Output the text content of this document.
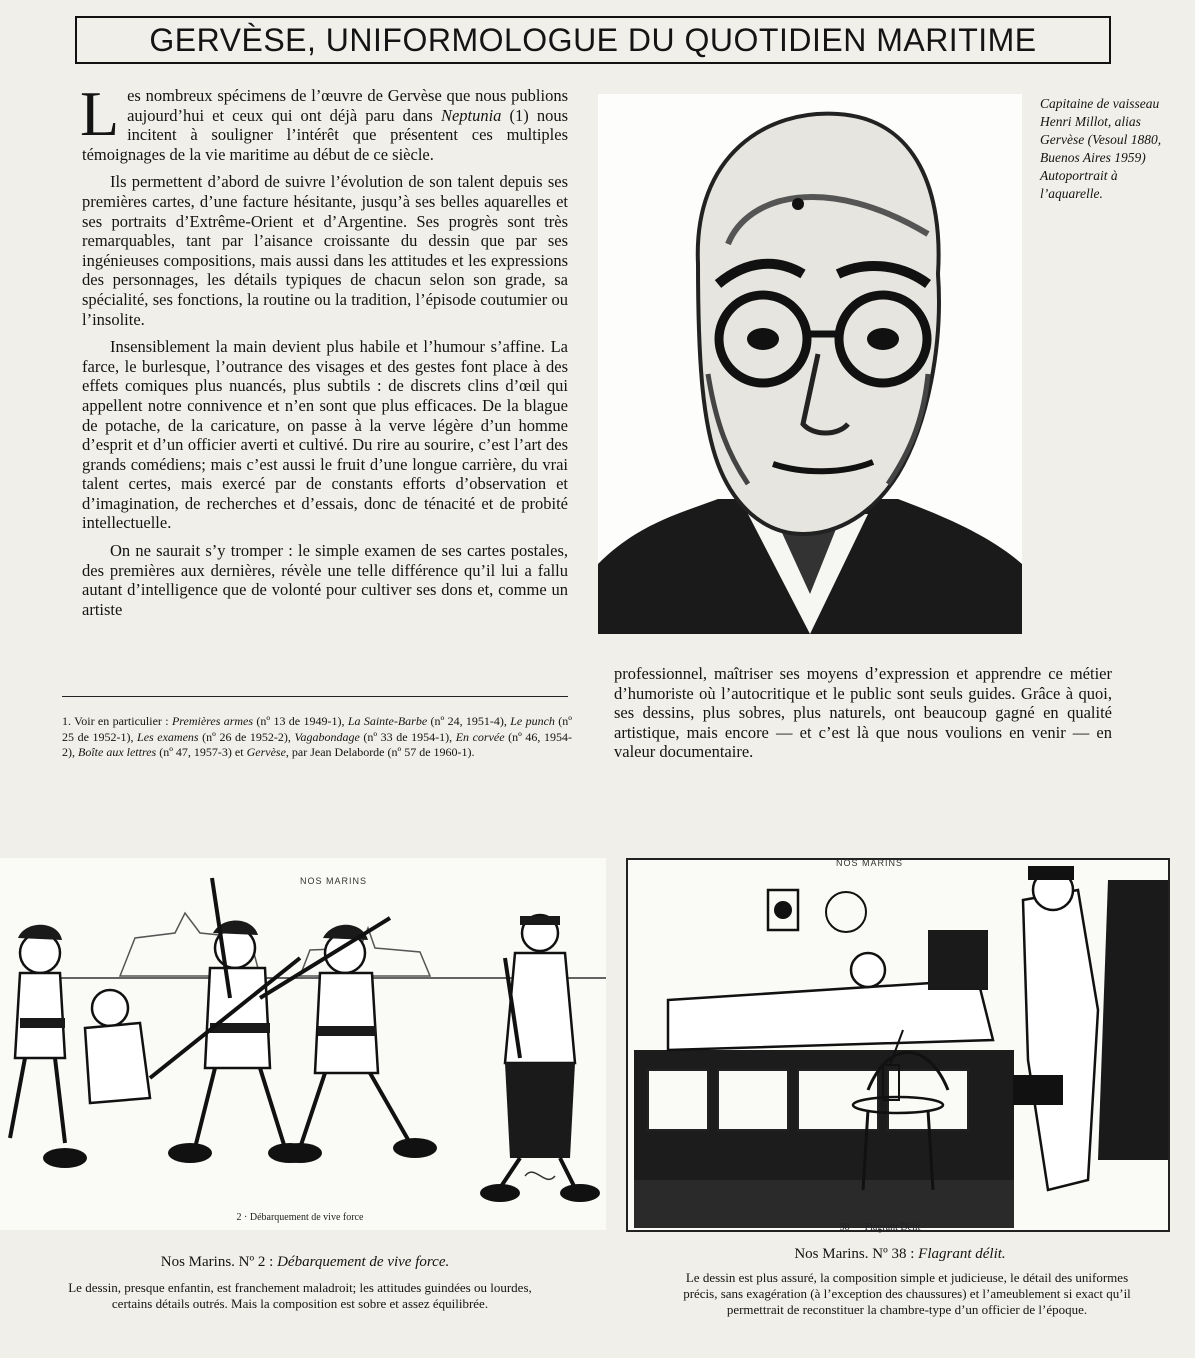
GERVÈSE, UNIFORMOLOGUE DU QUOTIDIEN MARITIME

Les nombreux spécimens de l’œuvre de Gervèse que nous publions aujourd’hui et ceux qui ont déjà paru dans Neptunia (1) nous incitent à souligner l’intérêt que présentent ces multiples témoignages de la vie maritime au début de ce siècle.

Ils permettent d’abord de suivre l’évolution de son talent depuis ses premières cartes, d’une facture hésitante, jusqu’à ses belles aquarelles et ses portraits d’Extrême-Orient et d’Argentine. Ses progrès sont très remarquables, tant par l’aisance croissante du dessin que par ses ingénieuses compositions, mais aussi dans les attitudes et les expressions des personnages, les détails typiques de chacun selon son grade, sa spécialité, ses fonctions, la routine ou la tradition, l’épisode coutumier ou l’insolite.

Insensiblement la main devient plus habile et l’humour s’affine. La farce, le burlesque, l’outrance des visages et des gestes font place à des effets comiques plus nuancés, plus subtils : de discrets clins d’œil qui appellent notre connivence et n’en sont que plus efficaces. De la blague de potache, de la caricature, on passe à la verve légère d’un homme d’esprit et d’un officier averti et cultivé. Du rire au sourire, c’est l’art des grands comédiens; mais c’est aussi le fruit d’une longue carrière, du vrai talent certes, mais exercé par de constants efforts d’observation et d’imagination, de recherches et d’essais, donc de ténacité et de probité intellectuelle.

On ne saurait s’y tromper : le simple examen de ses cartes postales, des premières aux dernières, révèle une telle différence qu’il lui a fallu autant d’intelligence que de volonté pour cultiver ses dons et, comme un artiste

Capitaine de vaisseau Henri Millot, alias Gervèse (Vesoul 1880, Buenos Aires 1959) Autoportrait à l’aquarelle.

professionnel, maîtriser ses moyens d’expression et apprendre ce métier d’humoriste où l’autocritique et le public sont seuls guides. Grâce à quoi, ses dessins, plus sobres, plus naturels, ont beaucoup gagné en qualité artistique, mais encore — et c’est là que nous voulions en venir — en valeur documentaire.

1. Voir en particulier : Premières armes (nº 13 de 1949-1), La Sainte-Barbe (nº 24, 1951-4), Le punch (nº 25 de 1952-1), Les examens (nº 26 de 1952-2), Vagabondage (nº 33 de 1954-1), En corvée (nº 46, 1954-2), Boîte aux lettres (nº 47, 1957-3) et Gervèse, par Jean Delaborde (nº 57 de 1960-1).
NOS MARINS
2 · Débarquement de vive force
Nos Marins. Nº 2 : Débarquement de vive force.
Le dessin, presque enfantin, est franchement maladroit; les attitudes guindées ou lourdes, certains détails outrés. Mais la composition est sobre et assez équilibrée.
NOS MARINS
38 — Flagrant Délit
Nos Marins. Nº 38 : Flagrant délit.
Le dessin est plus assuré, la composition simple et judicieuse, le détail des uniformes précis, sans exagération (à l’exception des chaussures) et l’ameublement si exact qu’il permettrait de reconstituer la chambre-type d’un officier de l’époque.
